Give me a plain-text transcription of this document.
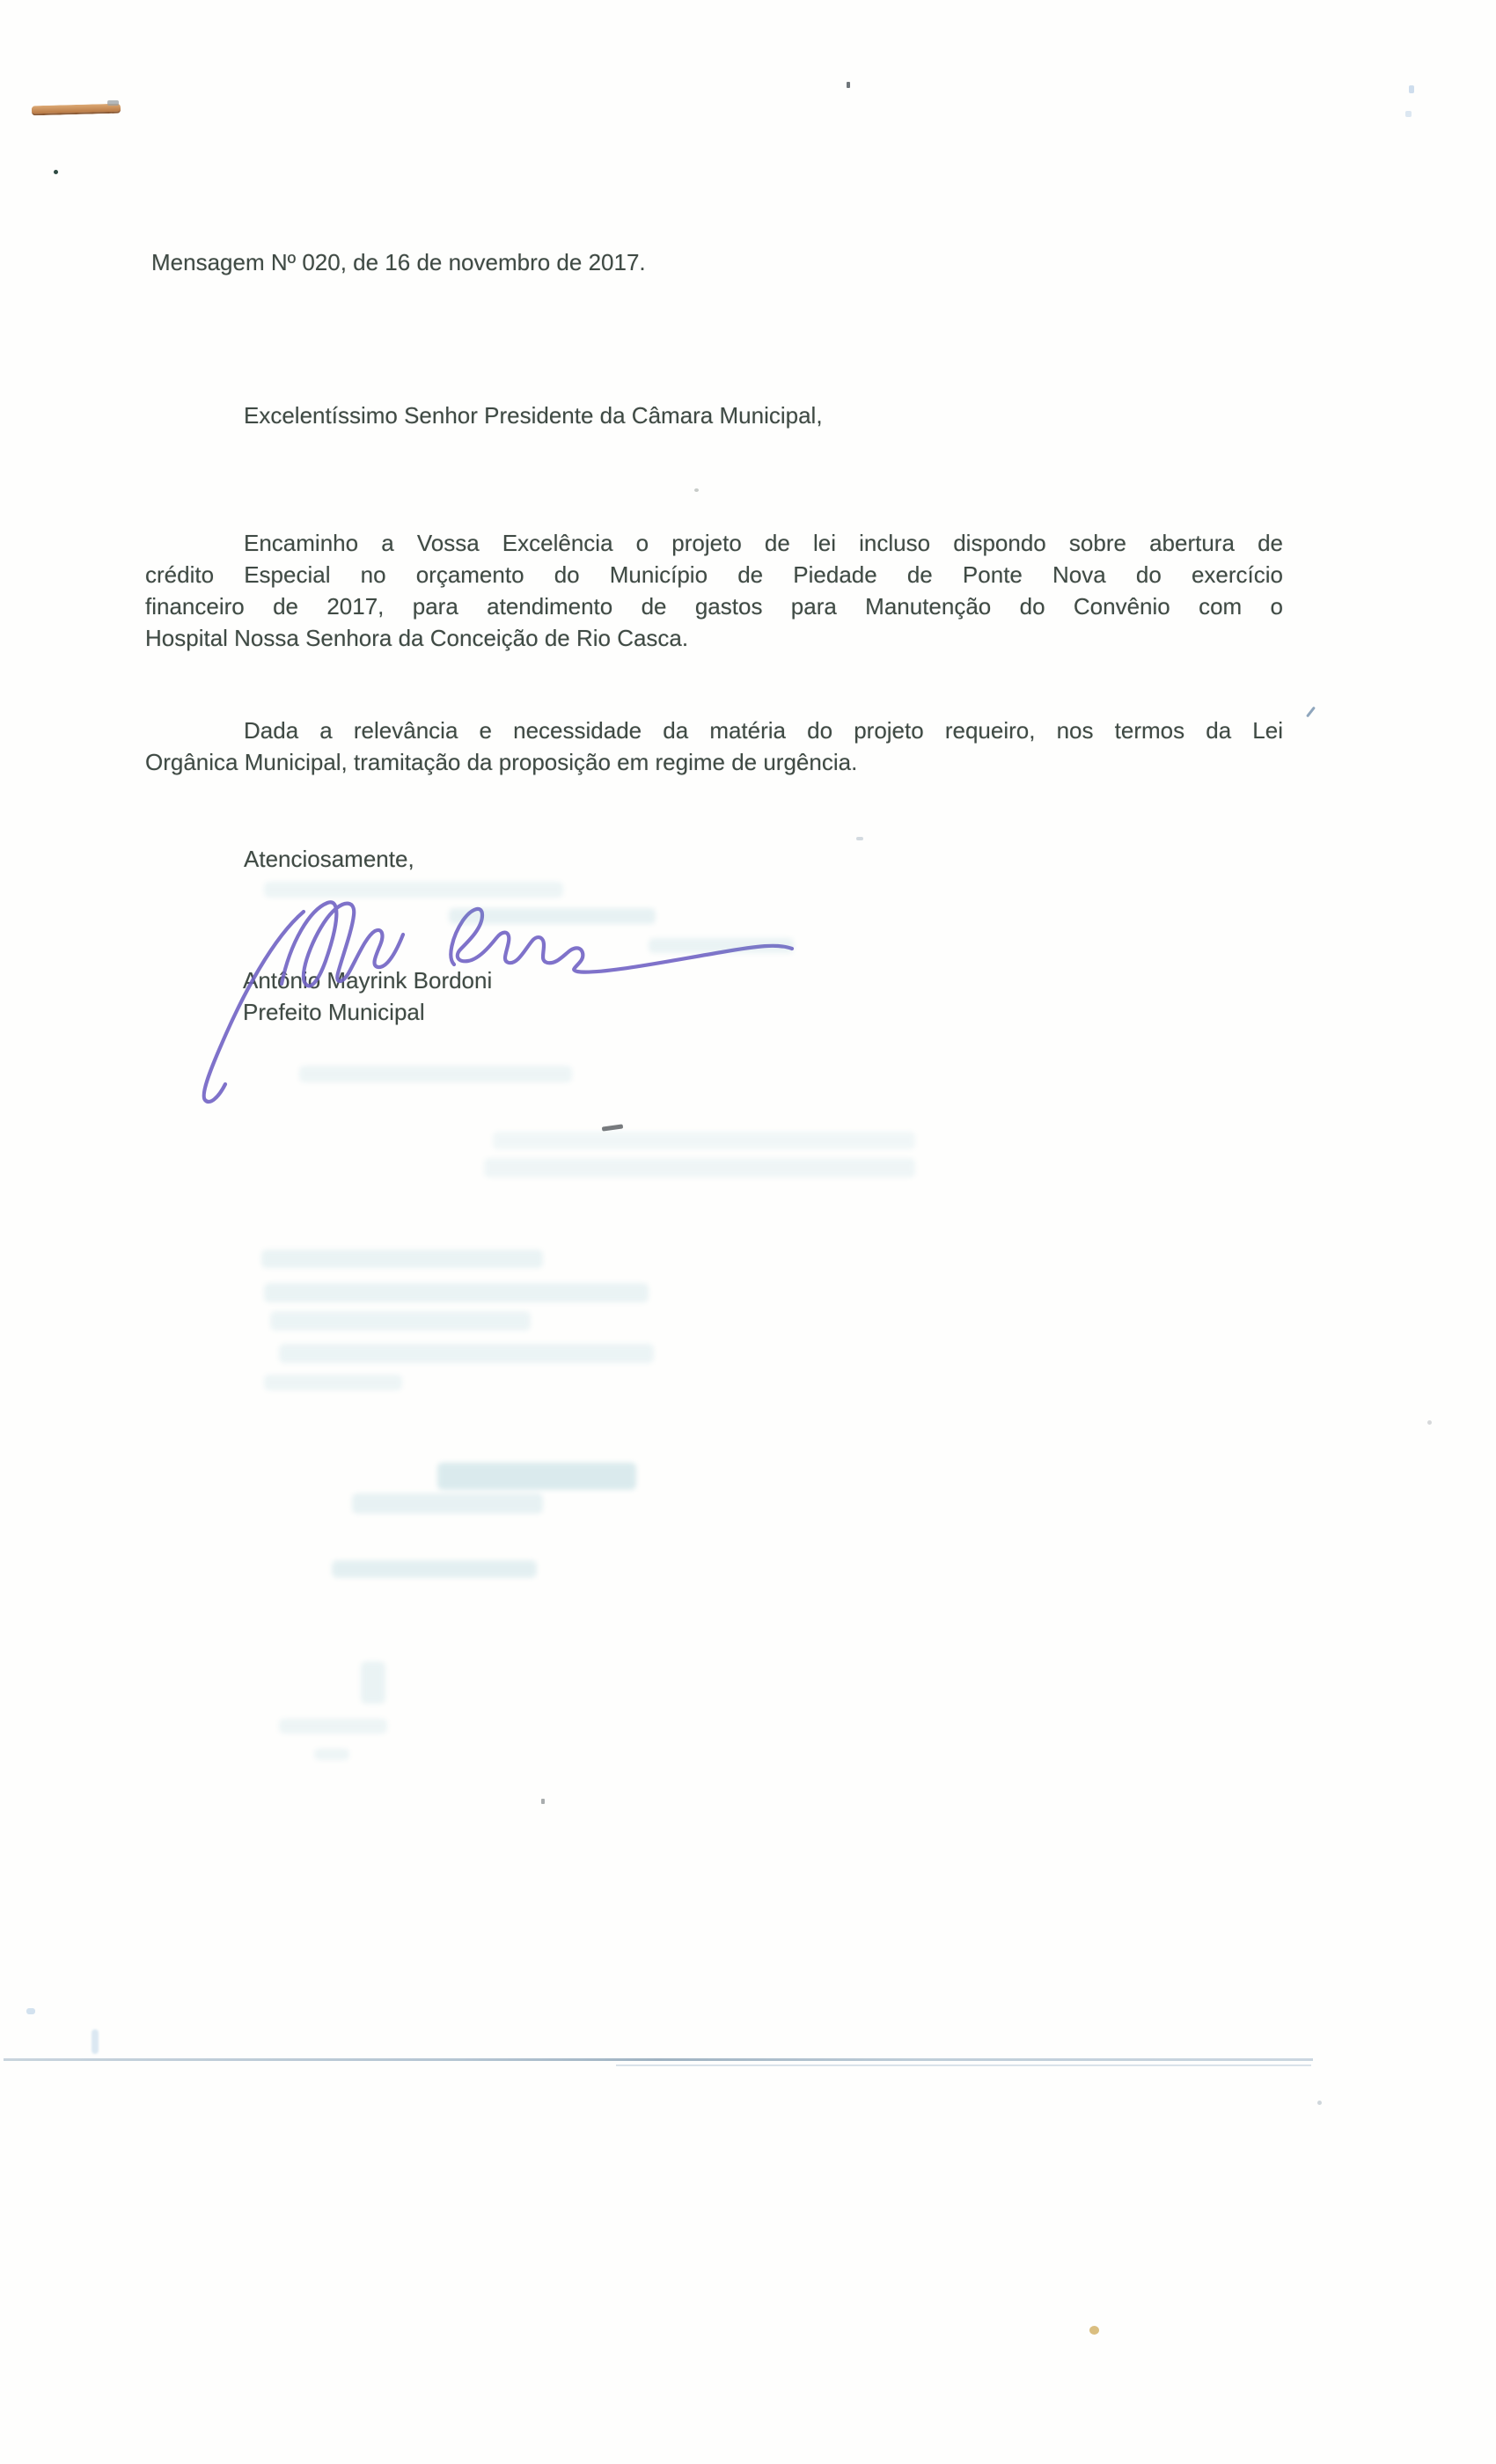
Mensagem Nº 020, de 16 de novembro de 2017.
Excelentíssimo Senhor Presidente da Câmara Municipal,
Encaminho a Vossa Excelência o projeto de lei incluso dispondo sobre abertura de
crédito Especial no orçamento do Município de Piedade de Ponte Nova do exercício
financeiro de 2017, para atendimento de gastos para Manutenção do Convênio com o
Hospital Nossa Senhora da Conceição de Rio Casca.
Dada a relevância e necessidade da matéria do projeto requeiro, nos termos da Lei
Orgânica Municipal, tramitação da proposição em regime de urgência.
Atenciosamente,
Antônio Mayrink Bordoni
Prefeito Municipal
